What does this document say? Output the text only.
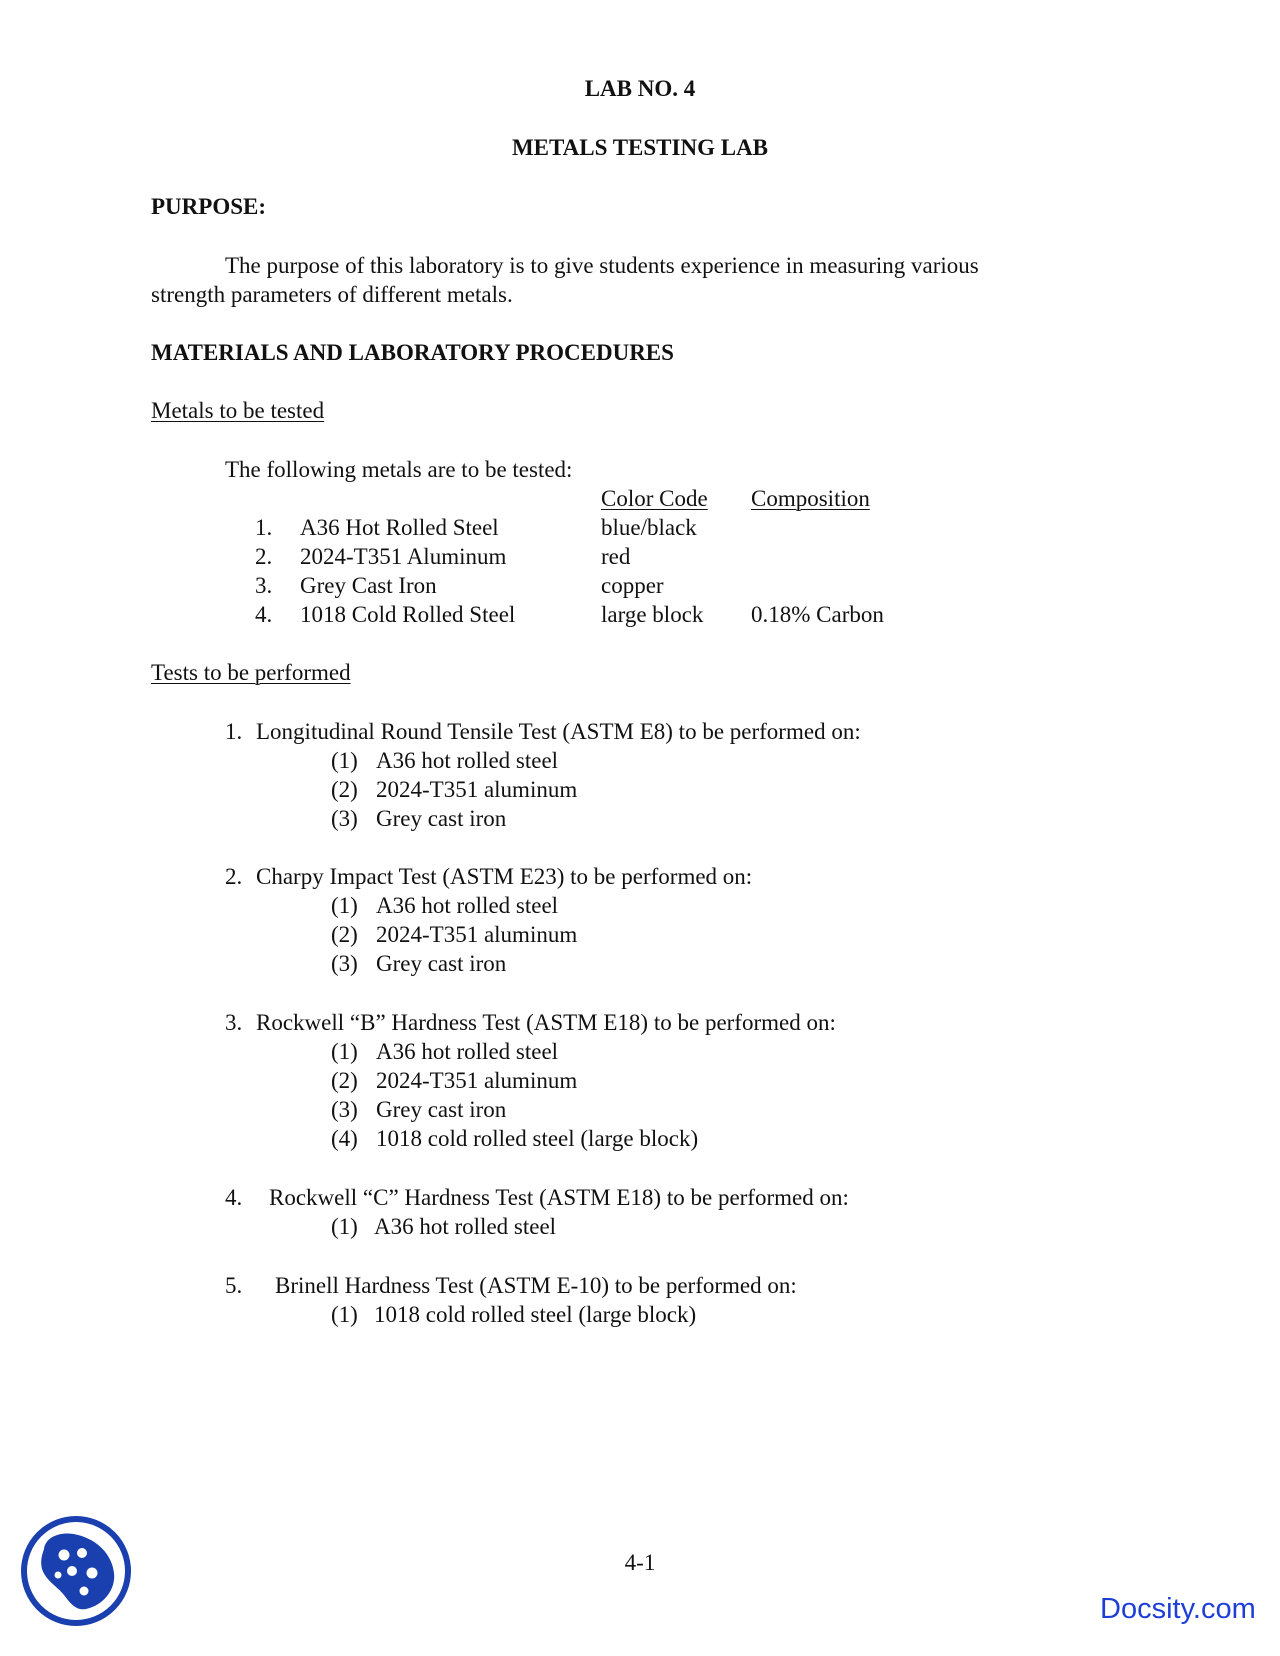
LAB NO. 4
METALS TESTING LAB
PURPOSE:
The purpose of this laboratory is to give students experience in measuring various
strength parameters of different metals.
MATERIALS AND LABORATORY PROCEDURES
Metals to be tested
The following metals are to be tested:
Color Code Composition
1. A36 Hot Rolled Steel	blue/black
2. 2024-T351 Aluminum	red
3. Grey Cast Iron	copper
4. 1018 Cold Rolled Steel	large block 0.18% Carbon
Tests to be performed
1. Longitudinal Round Tensile Test (ASTM E8) to be performed on:
(1) A36 hot rolled steel
(2) 2024-T351 aluminum
(3) Grey cast iron
2. Charpy Impact Test (ASTM E23) to be performed on:
(1) A36 hot rolled steel
(2) 2024-T351 aluminum
(3) Grey cast iron
3. Rockwell “B” Hardness Test (ASTM E18) to be performed on:
(1) A36 hot rolled steel
(2) 2024-T351 aluminum
(3) Grey cast iron
(4) 1018 cold rolled steel (large block)
4. Rockwell “C” Hardness Test (ASTM E18) to be performed on:
(1) A36 hot rolled steel
5. Brinell Hardness Test (ASTM E-10) to be performed on:
(1) 1018 cold rolled steel (large block)
4-1
Docsity.com
